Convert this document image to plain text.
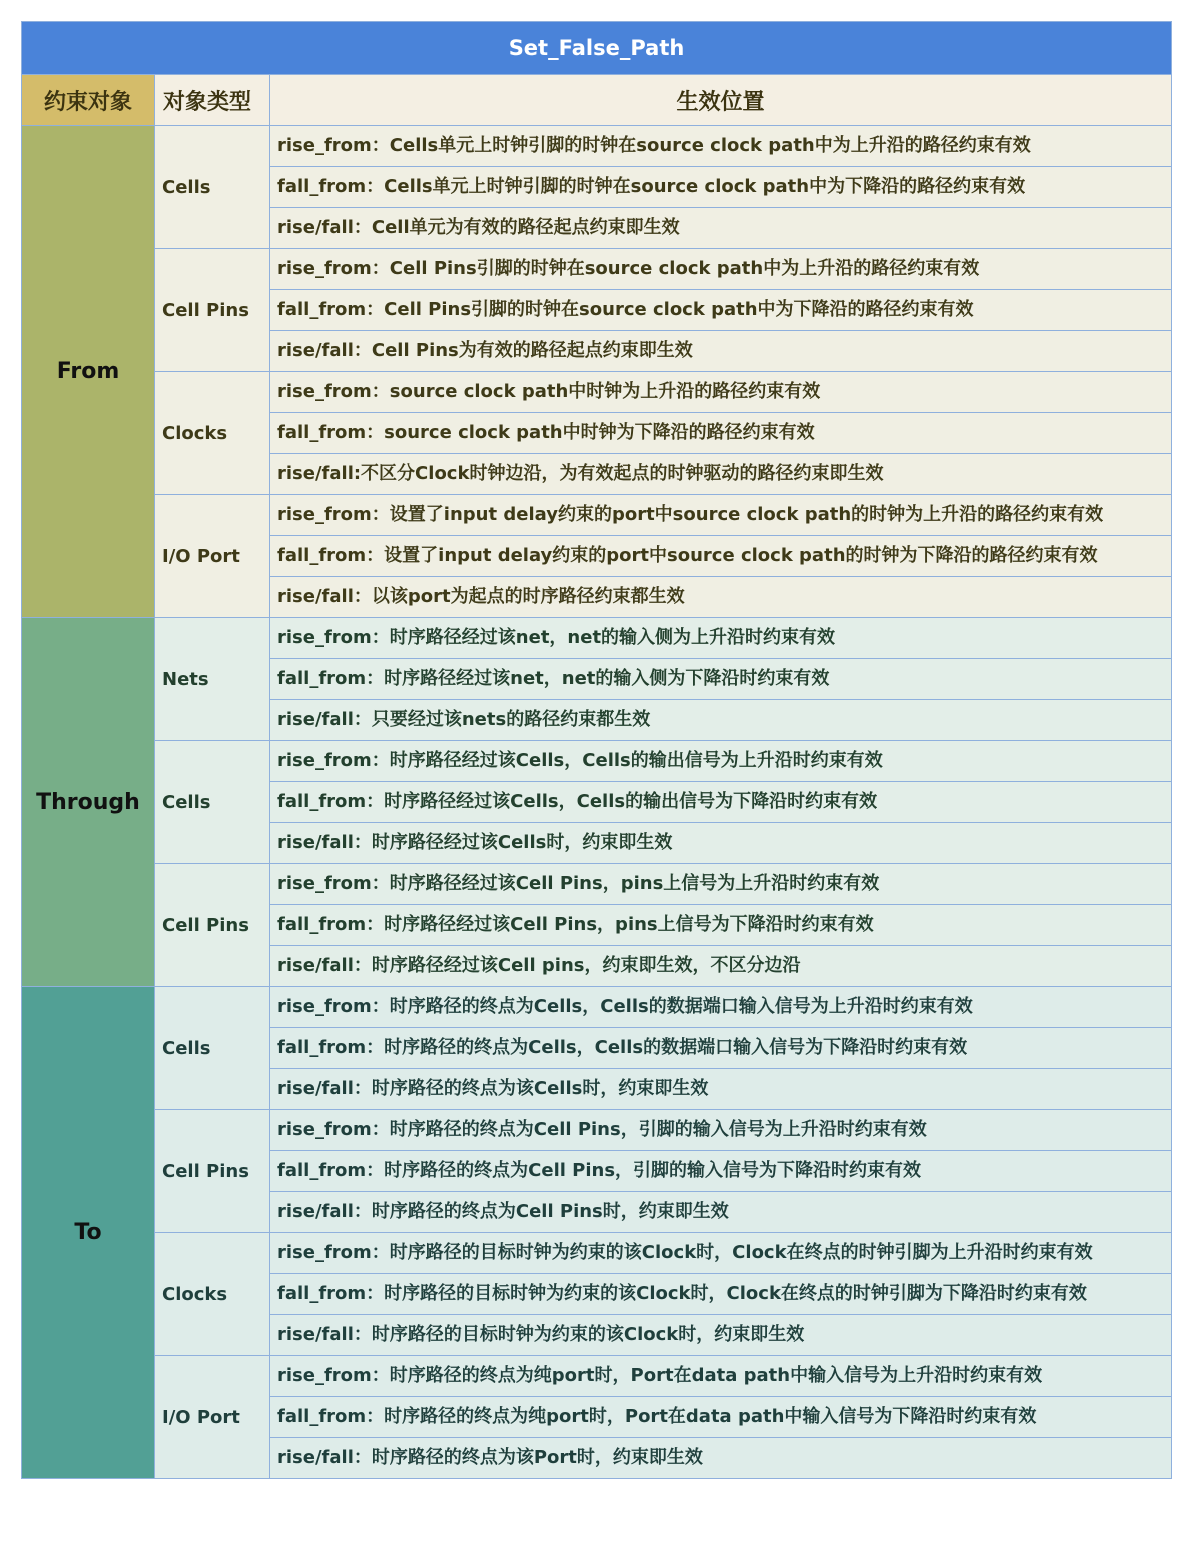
Set_False_Path		
约束对象	对象类型	生效位置
From	Cells	rise_from：Cells单元上时钟引脚的时钟在source clock path中为上升沿的路径约束有效
		fall_from：Cells单元上时钟引脚的时钟在source clock path中为下降沿的路径约束有效
		rise/fall：Cell单元为有效的路径起点约束即生效
	Cell Pins	rise_from：Cell Pins引脚的时钟在source clock path中为上升沿的路径约束有效
		fall_from：Cell Pins引脚的时钟在source clock path中为下降沿的路径约束有效
		rise/fall：Cell Pins为有效的路径起点约束即生效
	Clocks	rise_from：source clock path中时钟为上升沿的路径约束有效
		fall_from：source clock path中时钟为下降沿的路径约束有效
		rise/fall:不区分Clock时钟边沿，为有效起点的时钟驱动的路径约束即生效
	I/O Port	rise_from：设置了input delay约束的port中source clock path的时钟为上升沿的路径约束有效
		fall_from：设置了input delay约束的port中source clock path的时钟为下降沿的路径约束有效
		rise/fall：以该port为起点的时序路径约束都生效
Through	Nets	rise_from：时序路径经过该net，net的输入侧为上升沿时约束有效
		fall_from：时序路径经过该net，net的输入侧为下降沿时约束有效
		rise/fall：只要经过该nets的路径约束都生效
	Cells	rise_from：时序路径经过该Cells，Cells的输出信号为上升沿时约束有效
		fall_from：时序路径经过该Cells，Cells的输出信号为下降沿时约束有效
		rise/fall：时序路径经过该Cells时，约束即生效
	Cell Pins	rise_from：时序路径经过该Cell Pins，pins上信号为上升沿时约束有效
		fall_from：时序路径经过该Cell Pins，pins上信号为下降沿时约束有效
		rise/fall：时序路径经过该Cell pins，约束即生效，不区分边沿
To	Cells	rise_from：时序路径的终点为Cells，Cells的数据端口输入信号为上升沿时约束有效
		fall_from：时序路径的终点为Cells，Cells的数据端口输入信号为下降沿时约束有效
		rise/fall：时序路径的终点为该Cells时，约束即生效
	Cell Pins	rise_from：时序路径的终点为Cell Pins，引脚的输入信号为上升沿时约束有效
		fall_from：时序路径的终点为Cell Pins，引脚的输入信号为下降沿时约束有效
		rise/fall：时序路径的终点为Cell Pins时，约束即生效
	Clocks	rise_from：时序路径的目标时钟为约束的该Clock时，Clock在终点的时钟引脚为上升沿时约束有效
		fall_from：时序路径的目标时钟为约束的该Clock时，Clock在终点的时钟引脚为下降沿时约束有效
		rise/fall：时序路径的目标时钟为约束的该Clock时，约束即生效
	I/O Port	rise_from：时序路径的终点为纯port时，Port在data path中输入信号为上升沿时约束有效
		fall_from：时序路径的终点为纯port时，Port在data path中输入信号为下降沿时约束有效
		rise/fall：时序路径的终点为该Port时，约束即生效
